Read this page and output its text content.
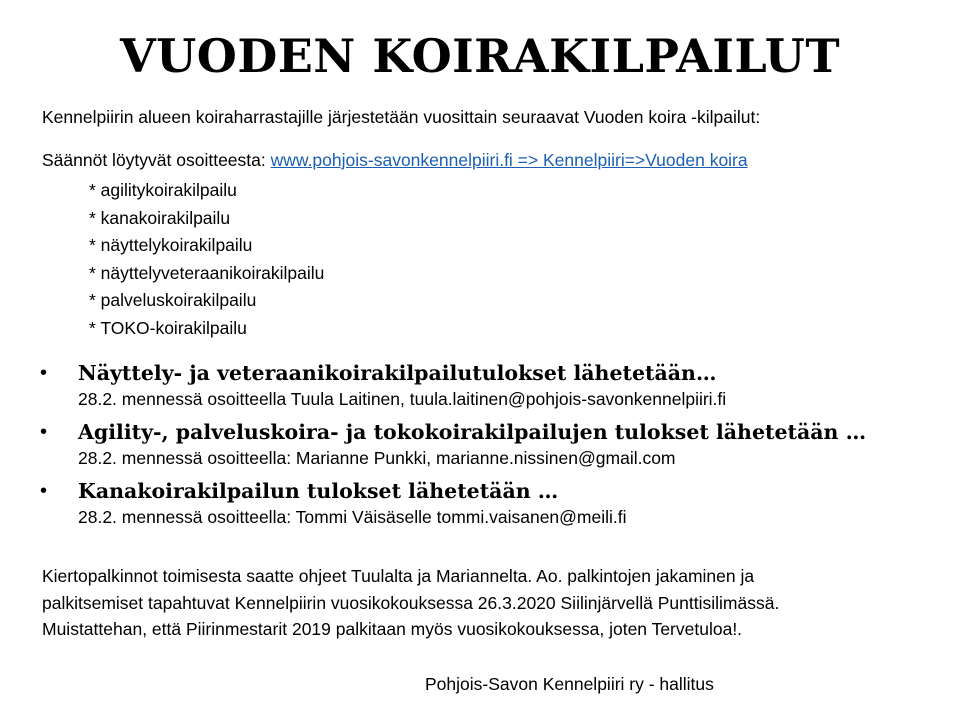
VUODEN KOIRAKILPAILUT
Kennelpiirin alueen koiraharrastajille järjestetään vuosittain seuraavat Vuoden koira -kilpailut:
Säännöt löytyvät osoitteesta: www.pohjois-savonkennelpiiri.fi => Kennelpiiri=>Vuoden koira
* agilitykoirakilpailu
* kanakoirakilpailu
* näyttelykoirakilpailu
* näyttelyveteraanikoirakilpailu
* palveluskoirakilpailu
* TOKO-koirakilpailu
• Näyttely- ja veteraanikoirakilpailutulokset lähetetään…
28.2. mennessä osoitteella Tuula Laitinen, tuula.laitinen@pohjois-savonkennelpiiri.fi
• Agility-, palveluskoira- ja tokokoirakilpailujen tulokset lähetetään …
28.2. mennessä osoitteella: Marianne Punkki, marianne.nissinen@gmail.com
• Kanakoirakilpailun tulokset lähetetään …
28.2. mennessä osoitteella: Tommi Väisäselle tommi.vaisanen@meili.fi
Kiertopalkinnot toimisesta saatte ohjeet Tuulalta ja Mariannelta. Ao. palkintojen jakaminen ja
palkitsemiset tapahtuvat Kennelpiirin vuosikokouksessa 26.3.2020 Siilinjärvellä Punttisilimässä.
Muistattehan, että Piirinmestarit 2019 palkitaan myös vuosikokouksessa, joten Tervetuloa!.
Pohjois-Savon Kennelpiiri ry - hallitus
